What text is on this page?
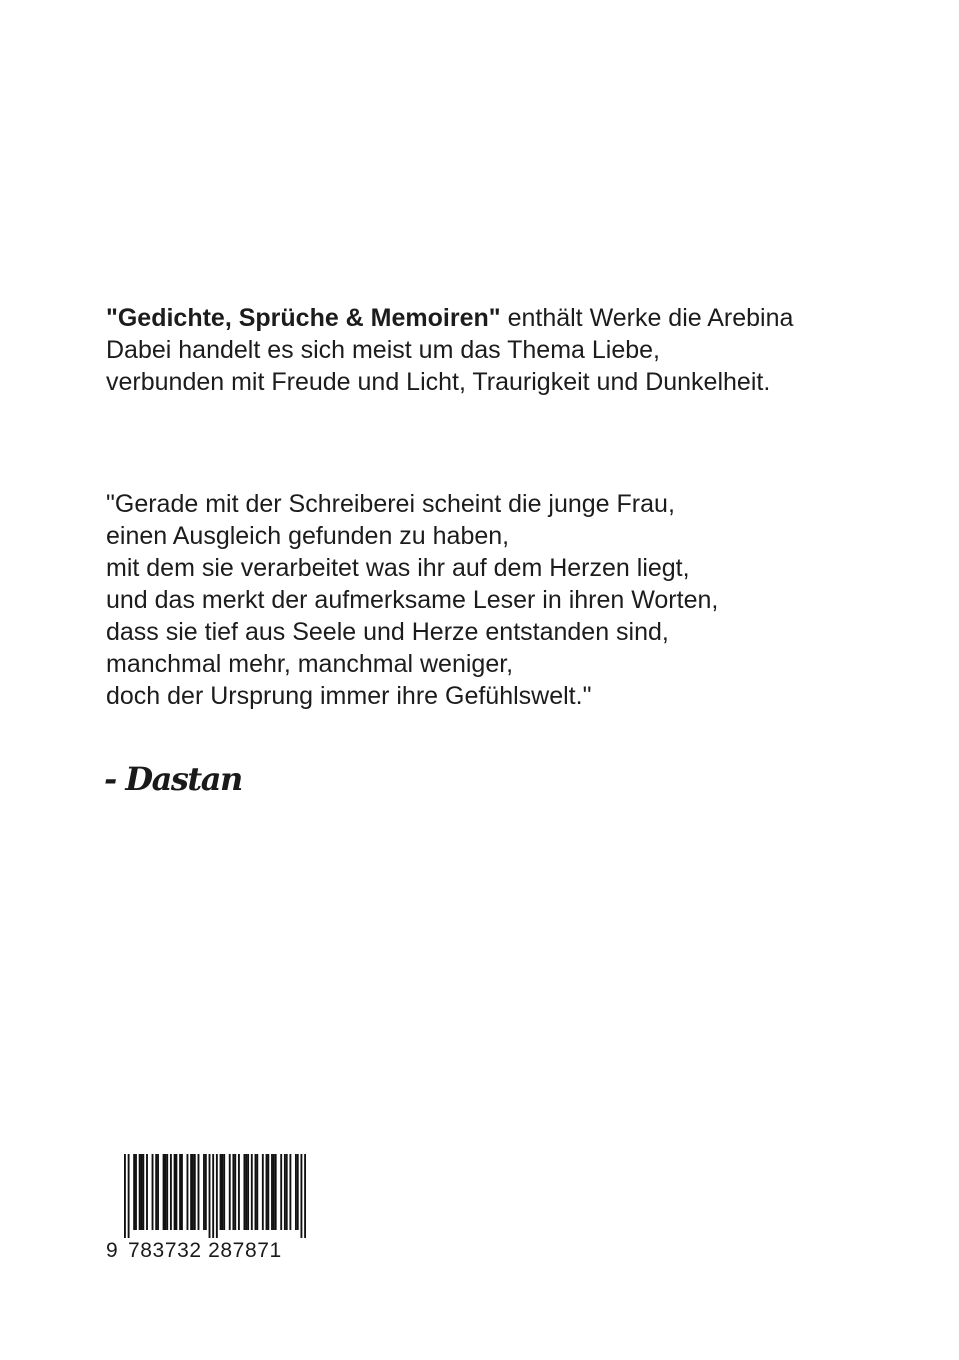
"Gedichte, Sprüche & Memoiren" enthält Werke die Arebina
Dabei handelt es sich meist um das Thema Liebe,
verbunden mit Freude und Licht, Traurigkeit und Dunkelheit.
"Gerade mit der Schreiberei scheint die junge Frau,
einen Ausgleich gefunden zu haben,
mit dem sie verarbeitet was ihr auf dem Herzen liegt,
und das merkt der aufmerksame Leser in ihren Worten,
dass sie tief aus Seele und Herze entstanden sind,
manchmal mehr, manchmal weniger,
doch der Ursprung immer ihre Gefühlswelt."
- Dastan
9 783732 287871
